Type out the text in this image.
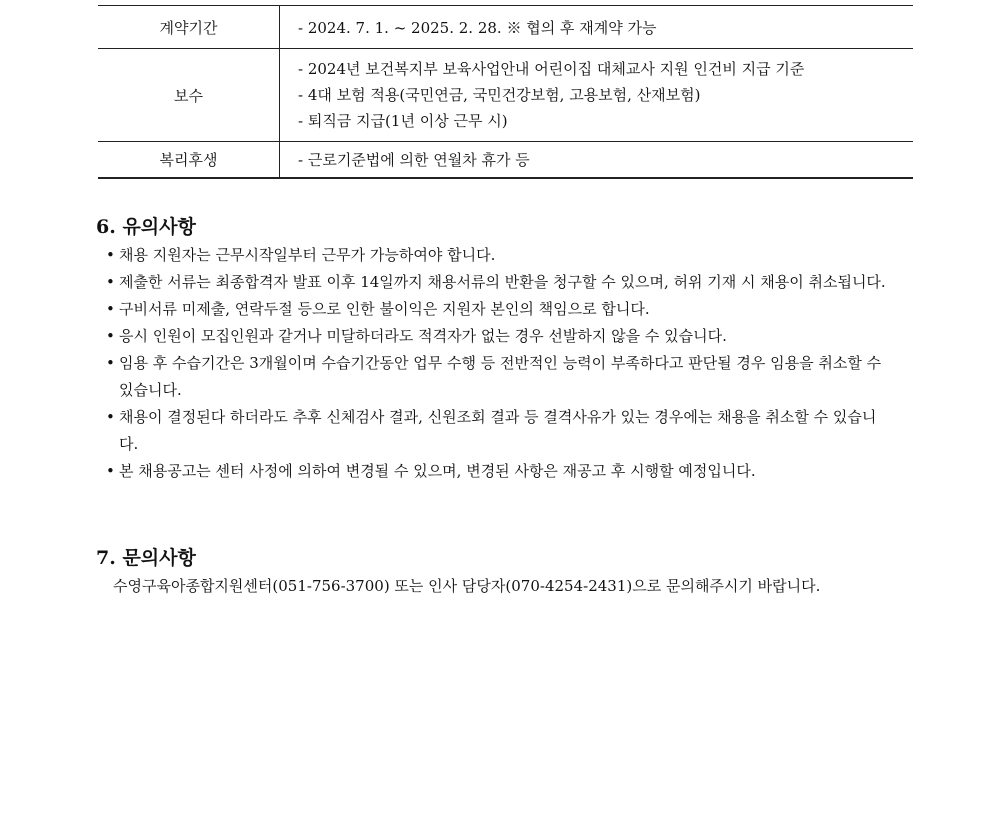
계약기간	- 2024. 7. 1. ~ 2025. 2. 28. ※ 협의 후 재계약 가능
보수	- 2024년 보건복지부 보육사업안내 어린이집 대체교사 지원 인건비 지급 기준
- 4대 보험 적용(국민연금, 국민건강보험, 고용보험, 산재보험)
- 퇴직금 지급(1년 이상 근무 시)

복리후생	- 근로기준법에 의한 연월차 휴가 등
6. 유의사항
• 채용 지원자는 근무시작일부터 근무가 가능하여야 합니다.
• 제출한 서류는 최종합격자 발표 이후 14일까지 채용서류의 반환을 청구할 수 있으며, 허위 기재 시 채용이 취소됩니다.
• 구비서류 미제출, 연락두절 등으로 인한 불이익은 지원자 본인의 책임으로 합니다.
• 응시 인원이 모집인원과 같거나 미달하더라도 적격자가 없는 경우 선발하지 않을 수 있습니다.
• 임용 후 수습기간은 3개월이며 수습기간동안 업무 수행 등 전반적인 능력이 부족하다고 판단될 경우 임용을 취소할 수 있습니다.
• 채용이 결정된다 하더라도 추후 신체검사 결과, 신원조회 결과 등 결격사유가 있는 경우에는 채용을 취소할 수 있습니다.
• 본 채용공고는 센터 사정에 의하여 변경될 수 있으며, 변경된 사항은 재공고 후 시행할 예정입니다.
7. 문의사항

수영구육아종합지원센터(051-756-3700) 또는 인사 담당자(070-4254-2431)으로 문의해주시기 바랍니다.
